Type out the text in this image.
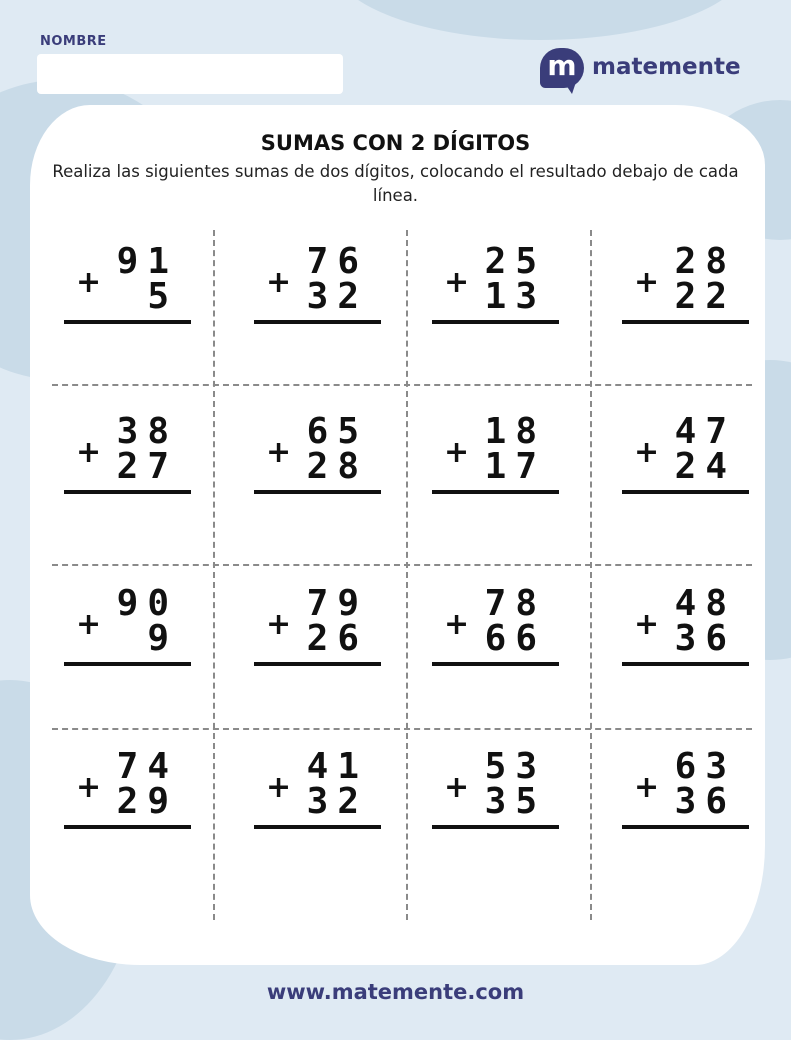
NOMBRE
m matemente
SUMAS CON 2 DÍGITOS
Realiza las siguientes sumas de dos dígitos, colocando el resultado debajo de cada línea.
91
+ 5
76
+ 32
25
+ 13
28
+ 22
38
+ 27
65
+ 28
18
+ 17
47
+ 24
90
+ 9
79
+ 26
78
+ 66
48
+ 36
74
+ 29
41
+ 32
53
+ 35
63
+ 36
www.matemente.com
